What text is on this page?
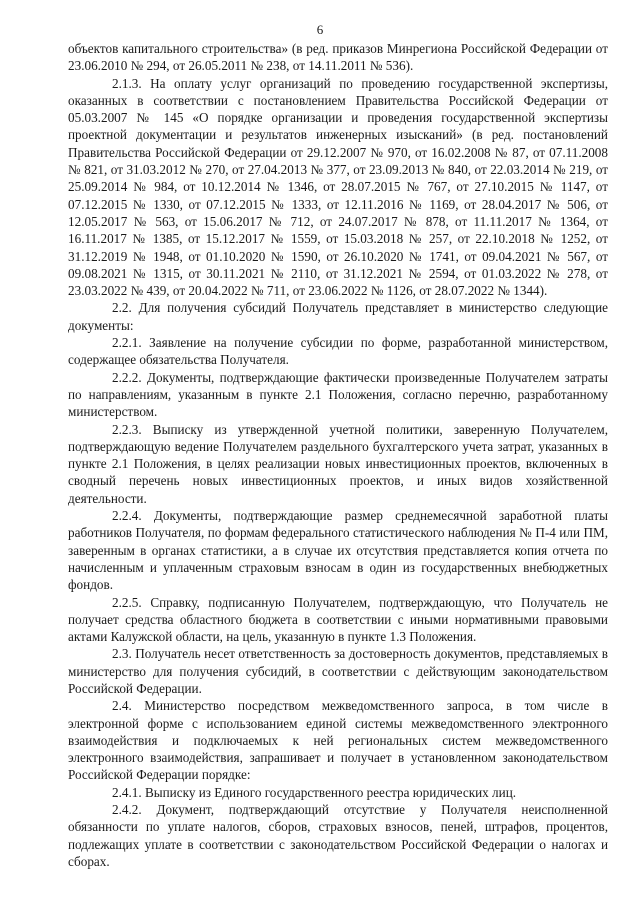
6

объектов капитального строительства» (в ред. приказов Минрегиона Российской Федерации от 23.06.2010 № 294, от 26.05.2011 № 238, от 14.11.2011 № 536).

2.1.3. На оплату услуг организаций по проведению государственной экспертизы, оказанных в соответствии с постановлением Правительства Российской Федерации от 05.03.2007 № 145 «О порядке организации и проведения государственной экспертизы проектной документации и результатов инженерных изысканий» (в ред. постановлений Правительства Российской Федерации от 29.12.2007 № 970, от 16.02.2008 № 87, от 07.11.2008 № 821, от 31.03.2012 № 270, от 27.04.2013 № 377, от 23.09.2013 № 840, от 22.03.2014 № 219, от 25.09.2014 № 984, от 10.12.2014 № 1346, от 28.07.2015 № 767, от 27.10.2015 № 1147, от 07.12.2015 № 1330, от 07.12.2015 № 1333, от 12.11.2016 № 1169, от 28.04.2017 № 506, от 12.05.2017 № 563, от 15.06.2017 № 712, от 24.07.2017 № 878, от 11.11.2017 № 1364, от 16.11.2017 № 1385, от 15.12.2017 № 1559, от 15.03.2018 № 257, от 22.10.2018 № 1252, от 31.12.2019 № 1948, от 01.10.2020 № 1590, от 26.10.2020 № 1741, от 09.04.2021 № 567, от 09.08.2021 № 1315, от 30.11.2021 № 2110, от 31.12.2021 № 2594, от 01.03.2022 № 278, от 23.03.2022 № 439, от 20.04.2022 № 711, от 23.06.2022 № 1126, от 28.07.2022 № 1344).

2.2. Для получения субсидий Получатель представляет в министерство следующие документы:

2.2.1. Заявление на получение субсидии по форме, разработанной министерством, содержащее обязательства Получателя.

2.2.2. Документы, подтверждающие фактически произведенные Получателем затраты по направлениям, указанным в пункте 2.1 Положения, согласно перечню, разработанному министерством.

2.2.3. Выписку из утвержденной учетной политики, заверенную Получателем, подтверждающую ведение Получателем раздельного бухгалтерского учета затрат, указанных в пункте 2.1 Положения, в целях реализации новых инвестиционных проектов, включенных в сводный перечень новых инвестиционных проектов, и иных видов хозяйственной деятельности.

2.2.4. Документы, подтверждающие размер среднемесячной заработной платы работников Получателя, по формам федерального статистического наблюдения № П-4 или ПМ, заверенным в органах статистики, а в случае их отсутствия представляется копия отчета по начисленным и уплаченным страховым взносам в один из государственных внебюджетных фондов.

2.2.5. Справку, подписанную Получателем, подтверждающую, что Получатель не получает средства областного бюджета в соответствии с иными нормативными правовыми актами Калужской области, на цель, указанную в пункте 1.3 Положения.

2.3. Получатель несет ответственность за достоверность документов, представляемых в министерство для получения субсидий, в соответствии с действующим законодательством Российской Федерации.

2.4. Министерство посредством межведомственного запроса, в том числе в электронной форме с использованием единой системы межведомственного электронного взаимодействия и подключаемых к ней региональных систем межведомственного электронного взаимодействия, запрашивает и получает в установленном законодательством Российской Федерации порядке:

2.4.1. Выписку из Единого государственного реестра юридических лиц.

2.4.2. Документ, подтверждающий отсутствие у Получателя неисполненной обязанности по уплате налогов, сборов, страховых взносов, пеней, штрафов, процентов, подлежащих уплате в соответствии с законодательством Российской Федерации о налогах и сборах.
